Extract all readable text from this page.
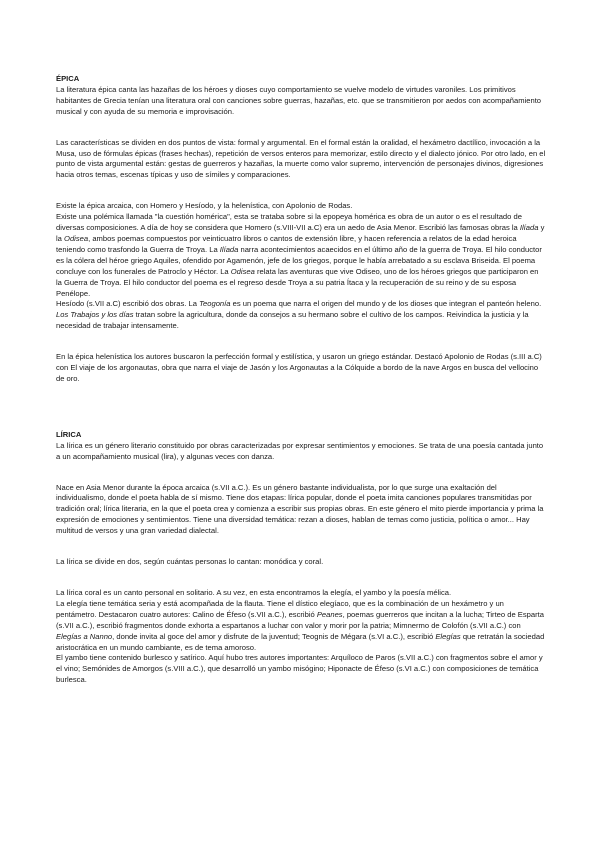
ÉPICA

La literatura épica canta las hazañas de los héroes y dioses cuyo comportamiento se vuelve modelo de virtudes varoniles. Los primitivos habitantes de Grecia tenían una literatura oral con canciones sobre guerras, hazañas, etc. que se transmitieron por aedos con acompañamiento musical y con ayuda de su memoria e improvisación.

Las características se dividen en dos puntos de vista: formal y argumental. En el formal están la oralidad, el hexámetro dactílico, invocación a la Musa, uso de fórmulas épicas (frases hechas), repetición de versos enteros para memorizar, estilo directo y el dialecto jónico. Por otro lado, en el punto de vista argumental están: gestas de guerreros y hazañas, la muerte como valor supremo, intervención de personajes divinos, digresiones hacia otros temas, escenas típicas y uso de símiles y comparaciones.

Existe la épica arcaica, con Homero y Hesíodo, y la helenística, con Apolonio de Rodas.

Existe una polémica llamada "la cuestión homérica", esta se trataba sobre si la epopeya homérica es obra de un autor o es el resultado de diversas composiciones. A día de hoy se considera que Homero (s.VIII-VII a.C) era un aedo de Asia Menor. Escribió las famosas obras la Ilíada y la Odisea, ambos poemas compuestos por veinticuatro libros o cantos de extensión libre, y hacen referencia a relatos de la edad heroica teniendo como trasfondo la Guerra de Troya. La Ilíada narra acontecimientos acaecidos en el último año de la guerra de Troya. El hilo conductor es la cólera del héroe griego Aquiles, ofendido por Agamenón, jefe de los griegos, porque le había arrebatado a su esclava Briseida. El poema concluye con los funerales de Patroclo y Héctor. La Odisea relata las aventuras que vive Odiseo, uno de los héroes griegos que participaron en la Guerra de Troya. El hilo conductor del poema es el regreso desde Troya a su patria Ítaca y la recuperación de su reino y de su esposa Penélope.

Hesíodo (s.VII a.C) escribió dos obras. La Teogonía es un poema que narra el origen del mundo y de los dioses que integran el panteón heleno. Los Trabajos y los días tratan sobre la agricultura, donde da consejos a su hermano sobre el cultivo de los campos. Reivindica la justicia y la necesidad de trabajar intensamente.

En la épica helenística los autores buscaron la perfección formal y estilística, y usaron un griego estándar. Destacó Apolonio de Rodas (s.III a.C) con El viaje de los argonautas, obra que narra el viaje de Jasón y los Argonautas a la Cólquide a bordo de la nave Argos en busca del vellocino de oro.

LÍRICA

La lírica es un género literario constituido por obras caracterizadas por expresar sentimientos y emociones. Se trata de una poesía cantada junto a un acompañamiento musical (lira), y algunas veces con danza.

Nace en Asia Menor durante la época arcaica (s.VII a.C.). Es un género bastante individualista, por lo que surge una exaltación del individualismo, donde el poeta habla de sí mismo. Tiene dos etapas: lírica popular, donde el poeta imita canciones populares transmitidas por tradición oral; lírica literaria, en la que el poeta crea y comienza a escribir sus propias obras. En este género el mito pierde importancia y prima la expresión de emociones y sentimientos. Tiene una diversidad temática: rezan a dioses, hablan de temas como justicia, política o amor... Hay multitud de versos y una gran variedad dialectal.

La lírica se divide en dos, según cuántas personas lo cantan: monódica y coral.

La lírica coral es un canto personal en solitario. A su vez, en esta encontramos la elegía, el yambo y la poesía mélica.

La elegía tiene temática seria y está acompañada de la flauta. Tiene el dístico elegíaco, que es la combinación de un hexámetro y un pentámetro. Destacaron cuatro autores: Calino de Éfeso (s.VII a.C.), escribió Peanes, poemas guerreros que incitan a la lucha; Tirteo de Esparta (s.VII a.C.), escribió fragmentos donde exhorta a espartanos a luchar con valor y morir por la patria; Mimnermo de Colofón (s.VII a.C.) con Elegías a Nanno, donde invita al goce del amor y disfrute de la juventud; Teognis de Mégara (s.VI a.C.), escribió Elegías que retratán la sociedad aristocrática en un mundo cambiante, es de tema amoroso.

El yambo tiene contenido burlesco y satírico. Aquí hubo tres autores importantes: Arquíloco de Paros (s.VII a.C.) con fragmentos sobre el amor y el vino; Semónides de Amorgos (s.VIII a.C.), que desarrolló un yambo misógino; Hiponacte de Éfeso (s.VI a.C.) con composiciones de temática burlesca.
